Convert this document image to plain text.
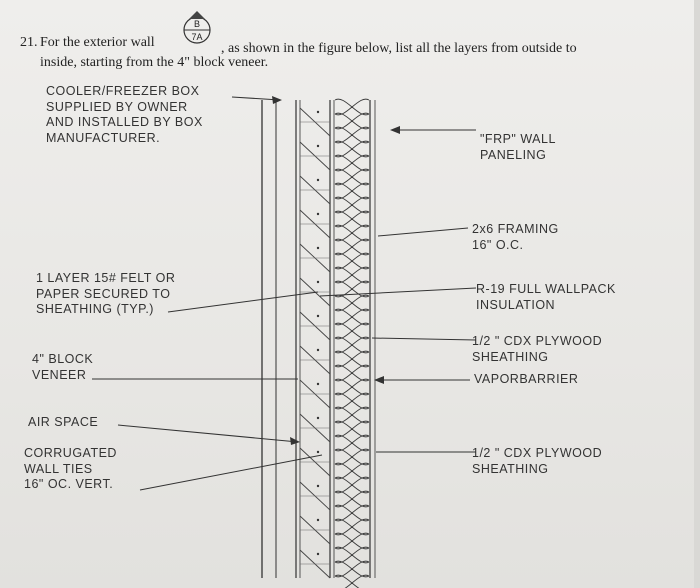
21. For the exterior wall	, as shown in the figure below, list all the layers from outside to
inside, starting from the 4" block veneer.
B
7A
COOLER/FREEZER BOX
SUPPLIED BY OWNER
AND INSTALLED BY BOX
MANUFACTURER.
1 LAYER 15# FELT OR
PAPER SECURED TO
SHEATHING (TYP.)
4" BLOCK
VENEER
AIR SPACE
CORRUGATED
WALL TIES
16" OC. VERT.
"FRP" WALL
PANELING
2x6 FRAMING
16" O.C.
R-19 FULL WALLPACK
INSULATION
1/2 " CDX PLYWOOD
SHEATHING
VAPORBARRIER
1/2 " CDX PLYWOOD
SHEATHING
